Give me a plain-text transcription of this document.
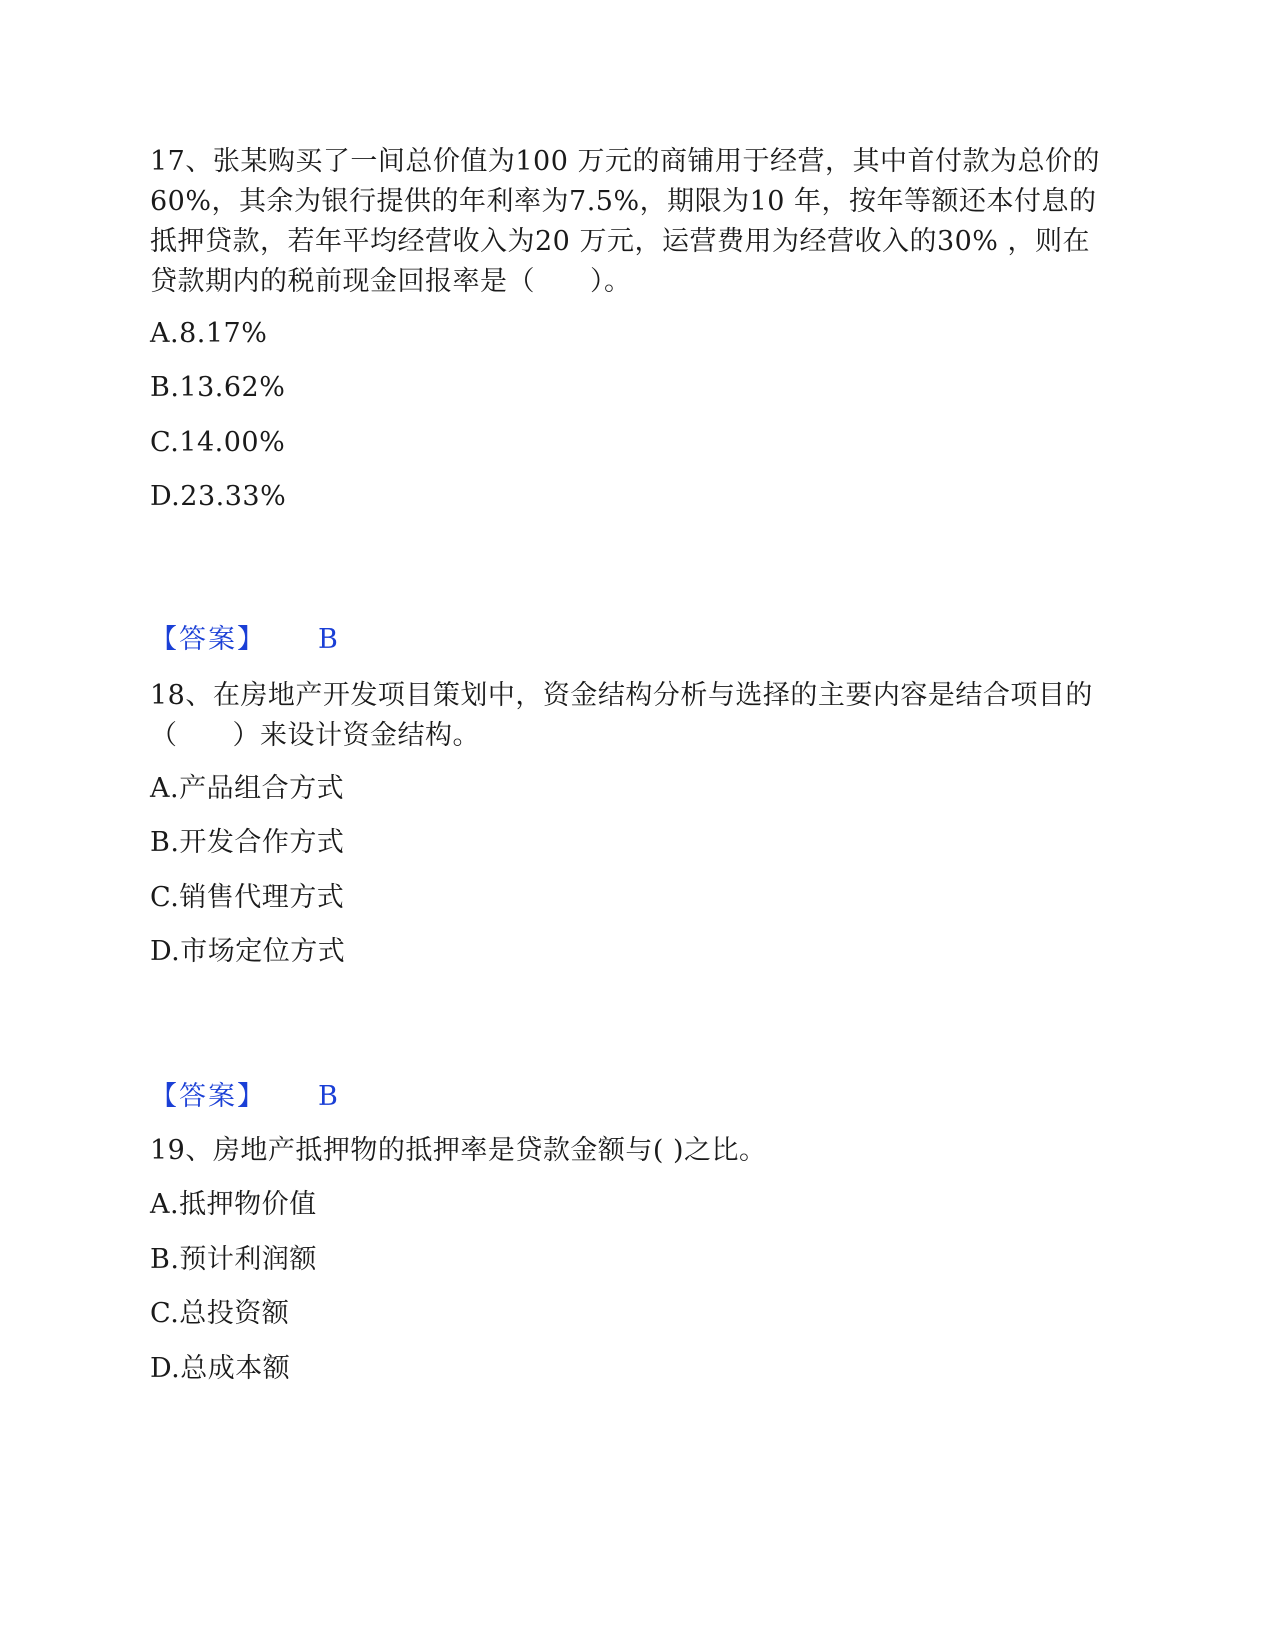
17、张某购买了一间总价值为100 万元的商铺用于经营，其中首付款为总价的60%，其余为银行提供的年利率为7.5%，期限为10 年，按年等额还本付息的抵押贷款，若年平均经营收入为20 万元，运营费用为经营收入的30% ，则在贷款期内的税前现金回报率是（　　）。

A.8.17%

B.13.62%

C.14.00%

D.23.33%

【答案】 B

18、在房地产开发项目策划中，资金结构分析与选择的主要内容是结合项目的（　　）来设计资金结构。

A.产品组合方式

B.开发合作方式

C.销售代理方式

D.市场定位方式

【答案】 B

19、房地产抵押物的抵押率是贷款金额与( )之比。

A.抵押物价值

B.预计利润额

C.总投资额

D.总成本额
